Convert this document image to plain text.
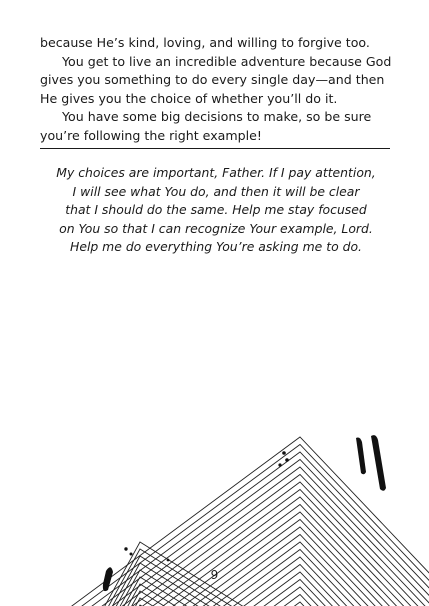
because He’s kind, loving, and willing to forgive too.

You get to live an incredible adventure because God gives you something to do every single day—and then He gives you the choice of whether you’ll do it.

You have some big decisions to make, so be sure you’re following the right example!

My choices are important, Father. If I pay attention,
I will see what You do, and then it will be clear
that I should do the same. Help me stay focused
on You so that I can recognize Your example, Lord.
Help me do everything You’re asking me to do.
9
